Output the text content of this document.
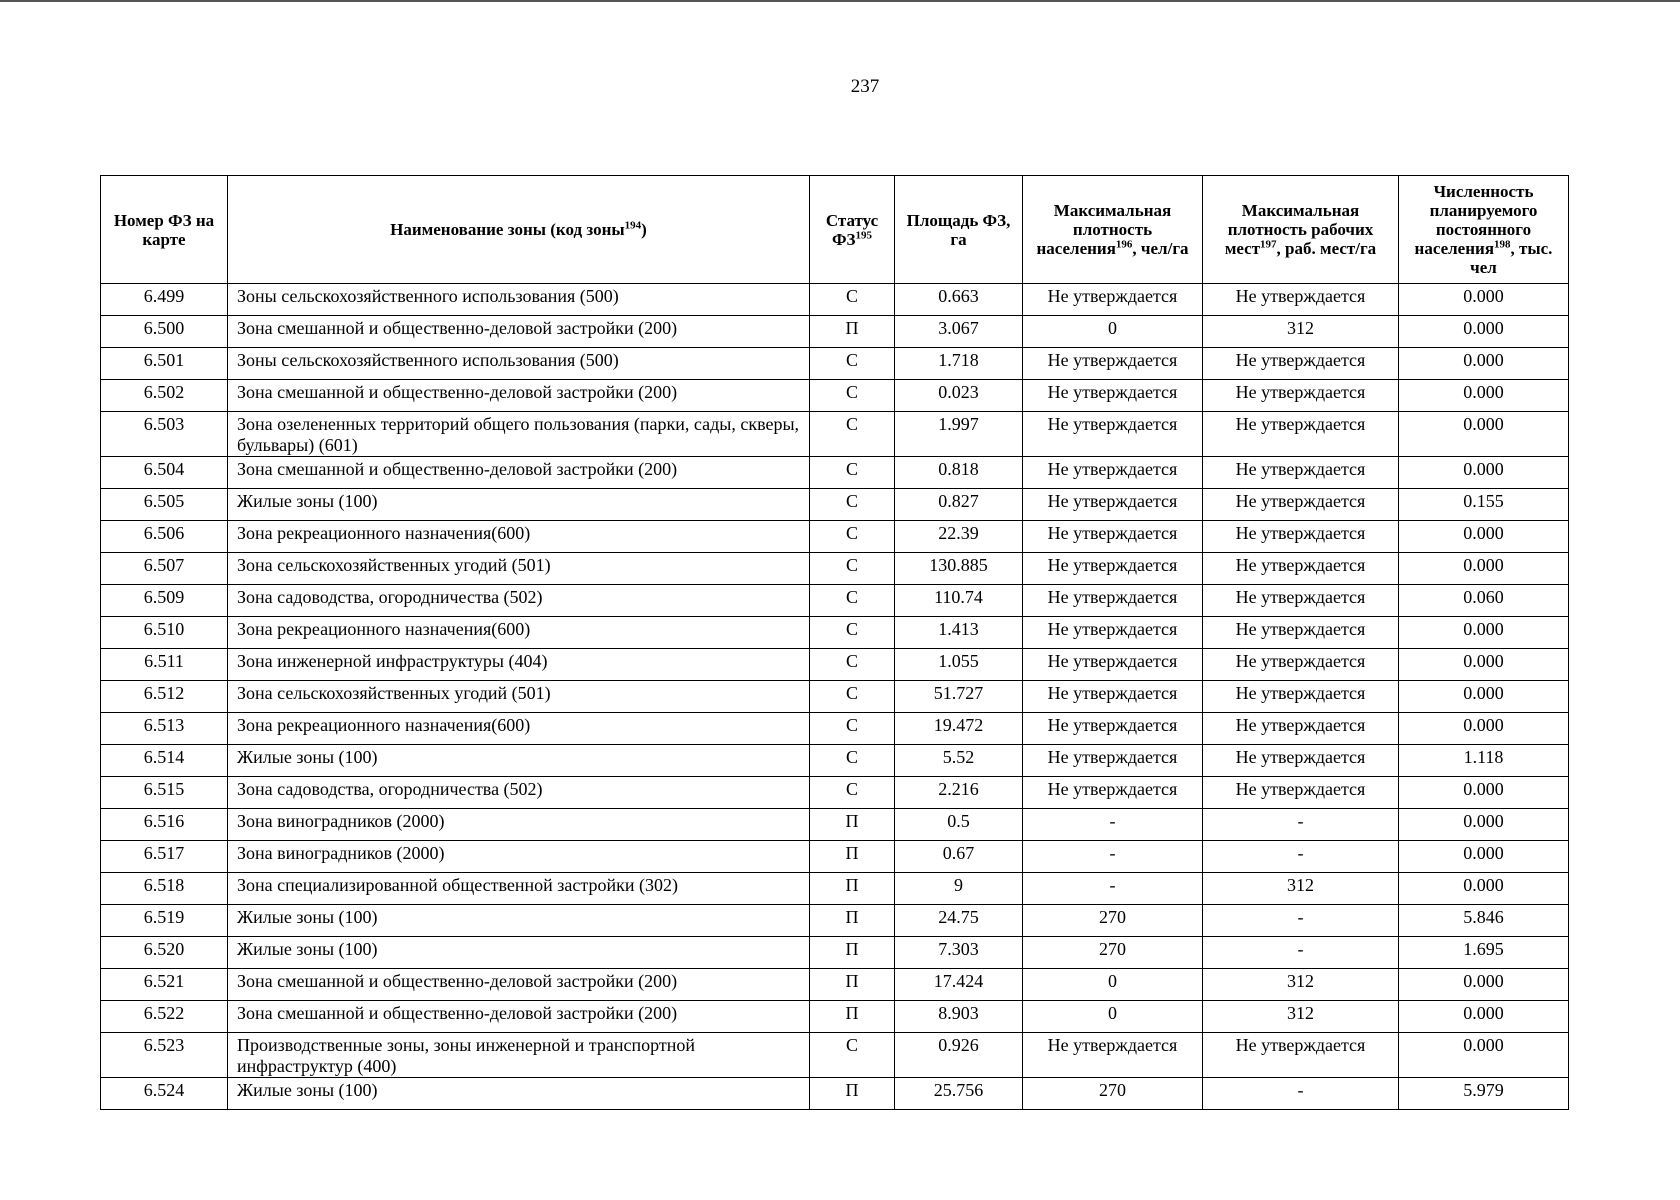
237
Номер ФЗ на карте	Наименование зоны (код зоны$^{194}$)	Статус ФЗ$^{195}$	Площадь ФЗ, га	Максимальная плотность населения$^{196}$, чел/га	Максимальная плотность рабочих мест$^{197}$, раб. мест/га	Численность планируемого постоянного населения$^{198}$, тыс. чел
6.499	Зоны сельскохозяйственного использования (500)	С	0.663	Не утверждается	Не утверждается	0.000
6.500	Зона смешанной и общественно-деловой застройки (200)	П	3.067	0	312	0.000
6.501	Зоны сельскохозяйственного использования (500)	С	1.718	Не утверждается	Не утверждается	0.000
6.502	Зона смешанной и общественно-деловой застройки (200)	С	0.023	Не утверждается	Не утверждается	0.000
6.503	Зона озелененных территорий общего пользования (парки, сады, скверы, бульвары) (601)	С	1.997	Не утверждается	Не утверждается	0.000
6.504	Зона смешанной и общественно-деловой застройки (200)	С	0.818	Не утверждается	Не утверждается	0.000
6.505	Жилые зоны (100)	С	0.827	Не утверждается	Не утверждается	0.155
6.506	Зона рекреационного назначения(600)	С	22.39	Не утверждается	Не утверждается	0.000
6.507	Зона сельскохозяйственных угодий (501)	С	130.885	Не утверждается	Не утверждается	0.000
6.509	Зона садоводства, огородничества (502)	С	110.74	Не утверждается	Не утверждается	0.060
6.510	Зона рекреационного назначения(600)	С	1.413	Не утверждается	Не утверждается	0.000
6.511	Зона инженерной инфраструктуры (404)	С	1.055	Не утверждается	Не утверждается	0.000
6.512	Зона сельскохозяйственных угодий (501)	С	51.727	Не утверждается	Не утверждается	0.000
6.513	Зона рекреационного назначения(600)	С	19.472	Не утверждается	Не утверждается	0.000
6.514	Жилые зоны (100)	С	5.52	Не утверждается	Не утверждается	1.118
6.515	Зона садоводства, огородничества (502)	С	2.216	Не утверждается	Не утверждается	0.000
6.516	Зона виноградников (2000)	П	0.5	-	-	0.000
6.517	Зона виноградников (2000)	П	0.67	-	-	0.000
6.518	Зона специализированной общественной застройки (302)	П	9	-	312	0.000
6.519	Жилые зоны (100)	П	24.75	270	-	5.846
6.520	Жилые зоны (100)	П	7.303	270	-	1.695
6.521	Зона смешанной и общественно-деловой застройки (200)	П	17.424	0	312	0.000
6.522	Зона смешанной и общественно-деловой застройки (200)	П	8.903	0	312	0.000
6.523	Производственные зоны, зоны инженерной и транспортной инфраструктур (400)	С	0.926	Не утверждается	Не утверждается	0.000
6.524	Жилые зоны (100)	П	25.756	270	-	5.979
